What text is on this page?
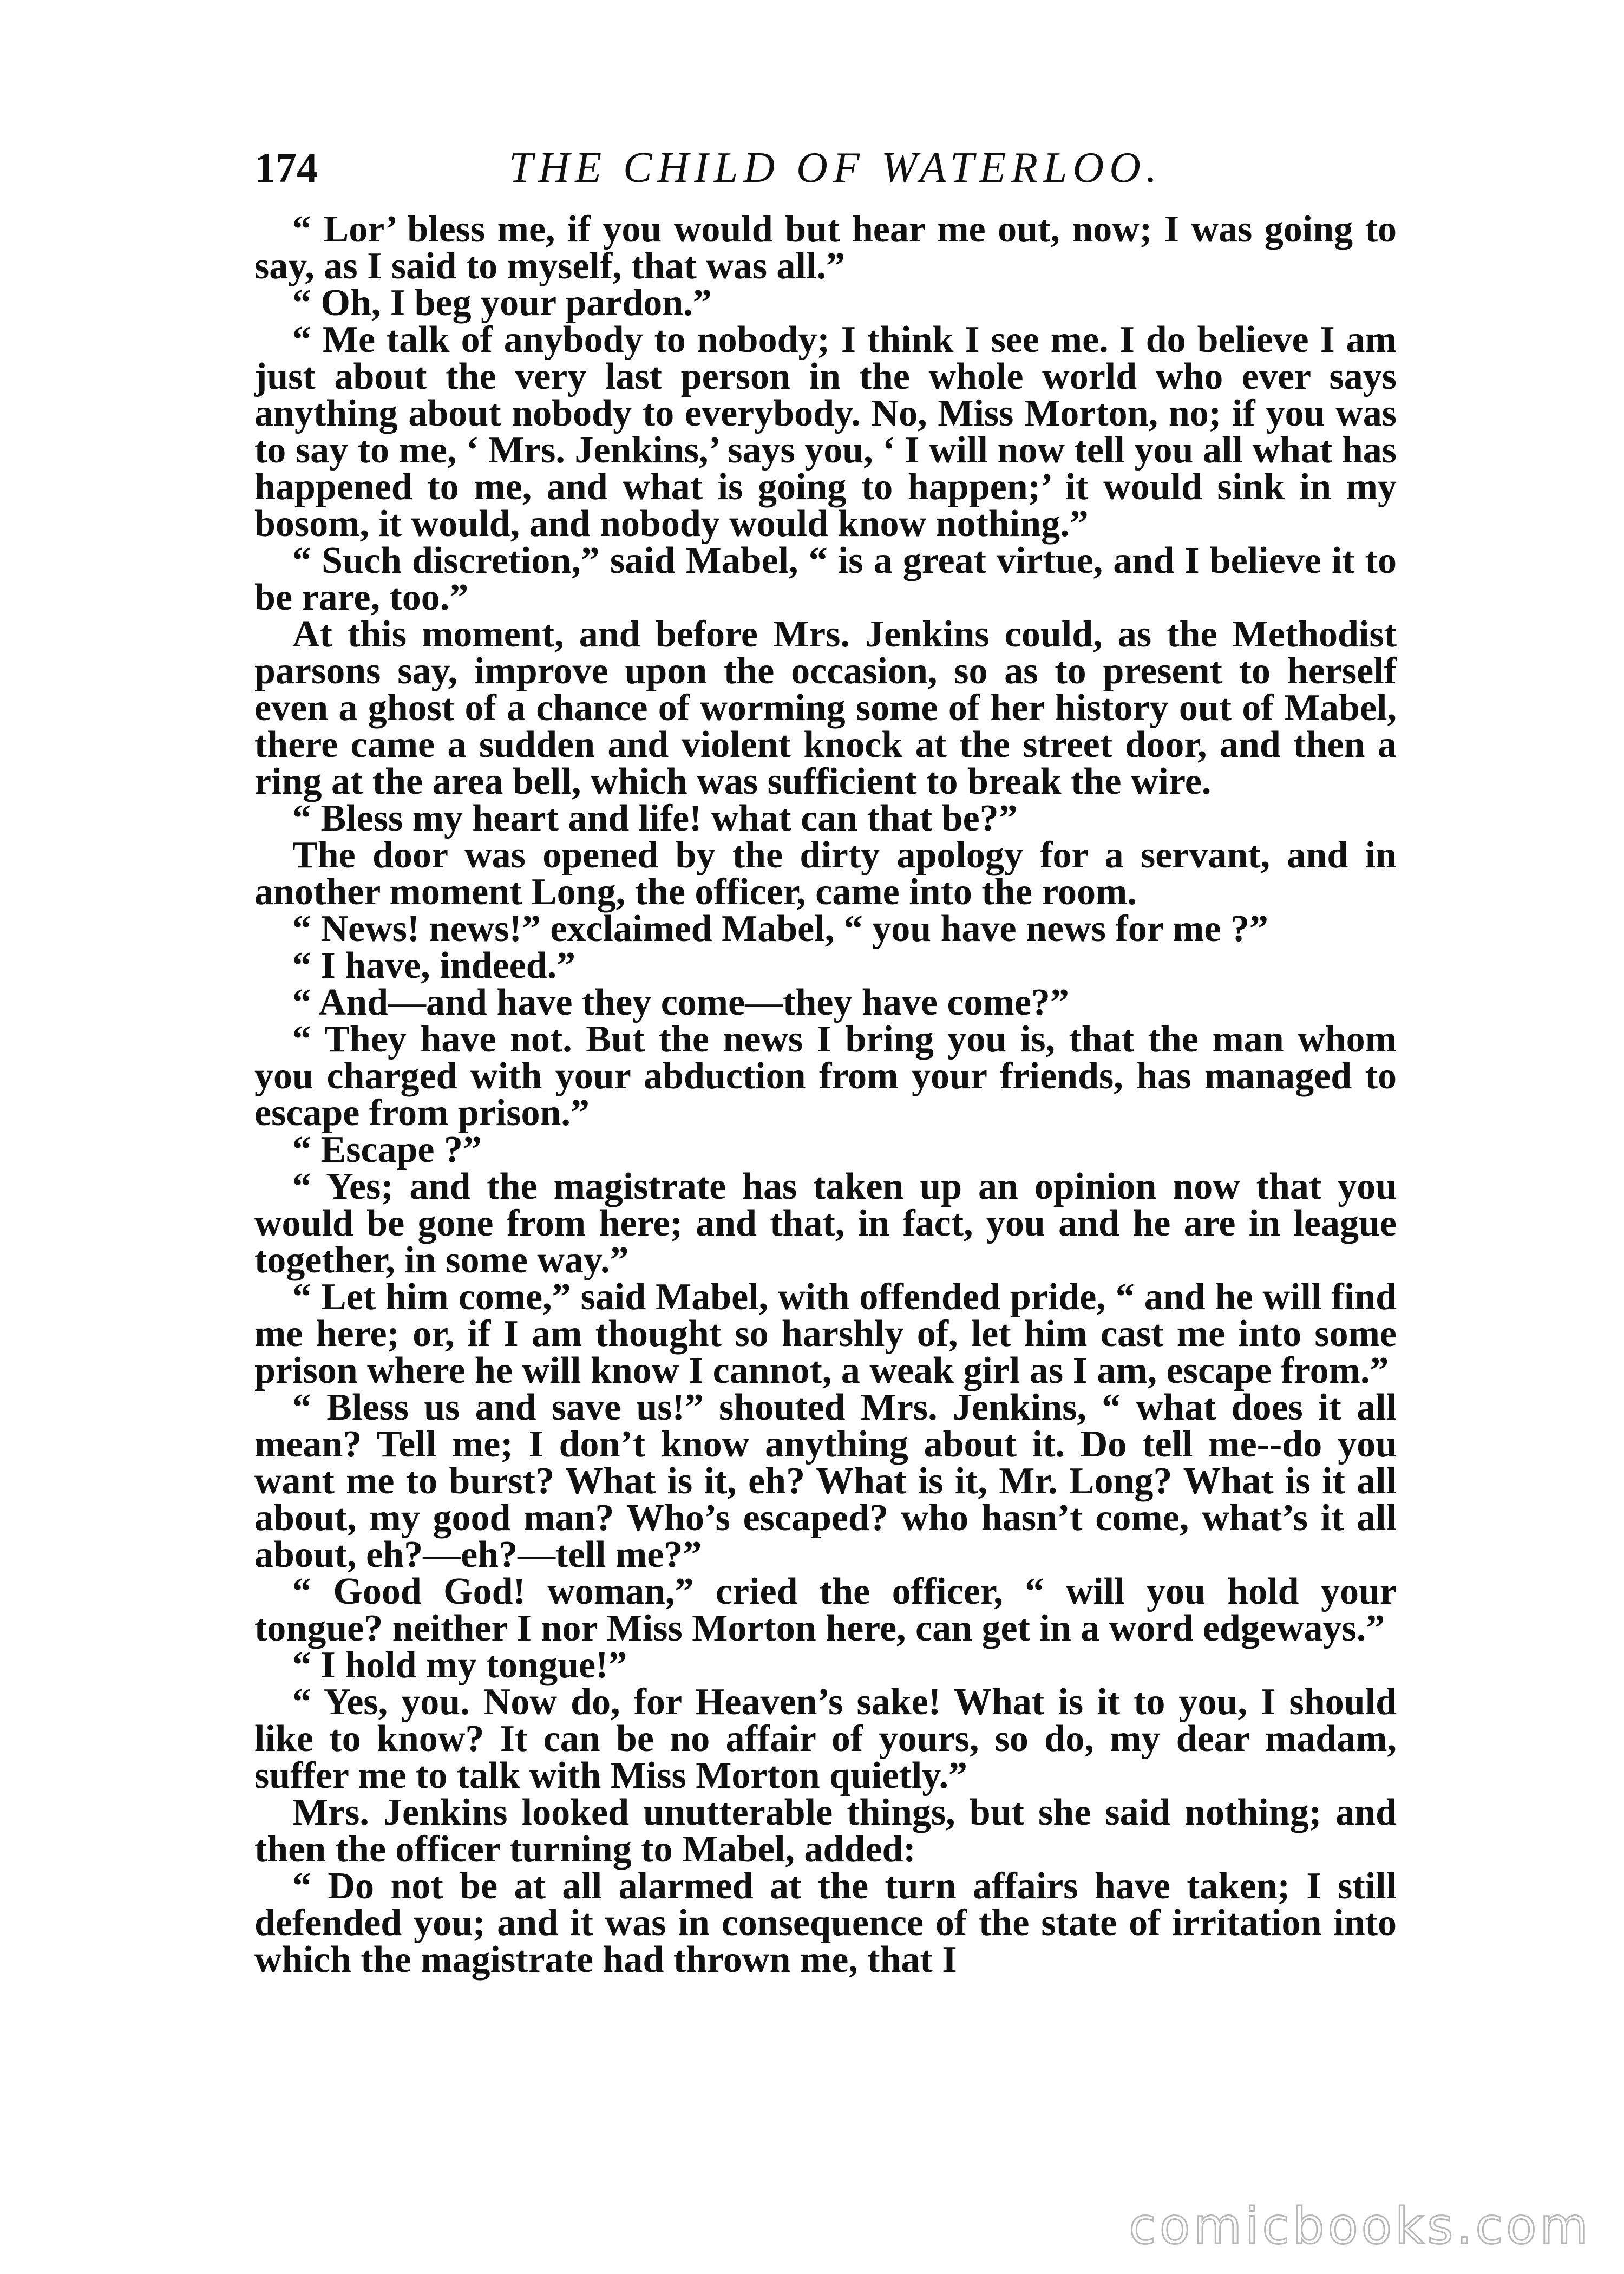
174	THE CHILD OF WATERLOO.

“ Lor’ bless me, if you would but hear me out, now; I was going to say, as I said to myself, that was all.”

“ Oh, I beg your pardon.”

“ Me talk of anybody to nobody; I think I see me. I do believe I am just about the very last person in the whole world who ever says anything about nobody to everybody. No, Miss Morton, no; if you was to say to me, ‘ Mrs. Jenkins,’ says you, ‘ I will now tell you all what has happened to me, and what is going to happen;’ it would sink in my bosom, it would, and nobody would know nothing.”

“ Such discretion,” said Mabel, “ is a great virtue, and I believe it to be rare, too.”

At this moment, and before Mrs. Jenkins could, as the Methodist parsons say, improve upon the occasion, so as to present to herself even a ghost of a chance of worming some of her history out of Mabel, there came a sudden and violent knock at the street door, and then a ring at the area bell, which was sufficient to break the wire.

“ Bless my heart and life! what can that be?”

The door was opened by the dirty apology for a servant, and in another moment Long, the officer, came into the room.

“ News! news!” exclaimed Mabel, “ you have news for me ?”

“ I have, indeed.”

“ And—and have they come—they have come?”

“ They have not. But the news I bring you is, that the man whom you charged with your abduction from your friends, has managed to escape from prison.”

“ Escape ?”

“ Yes; and the magistrate has taken up an opinion now that you would be gone from here; and that, in fact, you and he are in league together, in some way.”

“ Let him come,” said Mabel, with offended pride, “ and he will find me here; or, if I am thought so harshly of, let him cast me into some prison where he will know I cannot, a weak girl as I am, escape from.”

“ Bless us and save us!” shouted Mrs. Jenkins, “ what does it all mean? Tell me; I don’t know anything about it. Do tell me--do you want me to burst? What is it, eh? What is it, Mr. Long? What is it all about, my good man? Who’s escaped? who hasn’t come, what’s it all about, eh?—eh?—tell me?”

“ Good God! woman,” cried the officer, “ will you hold your tongue? neither I nor Miss Morton here, can get in a word edgeways.”

“ I hold my tongue!”

“ Yes, you. Now do, for Heaven’s sake! What is it to you, I should like to know? It can be no affair of yours, so do, my dear madam, suffer me to talk with Miss Morton quietly.”

Mrs. Jenkins looked unutterable things, but she said nothing; and then the officer turning to Mabel, added:

“ Do not be at all alarmed at the turn affairs have taken; I still defended you; and it was in consequence of the state of irritation into which the magistrate had thrown me, that I

comicbooks.com
